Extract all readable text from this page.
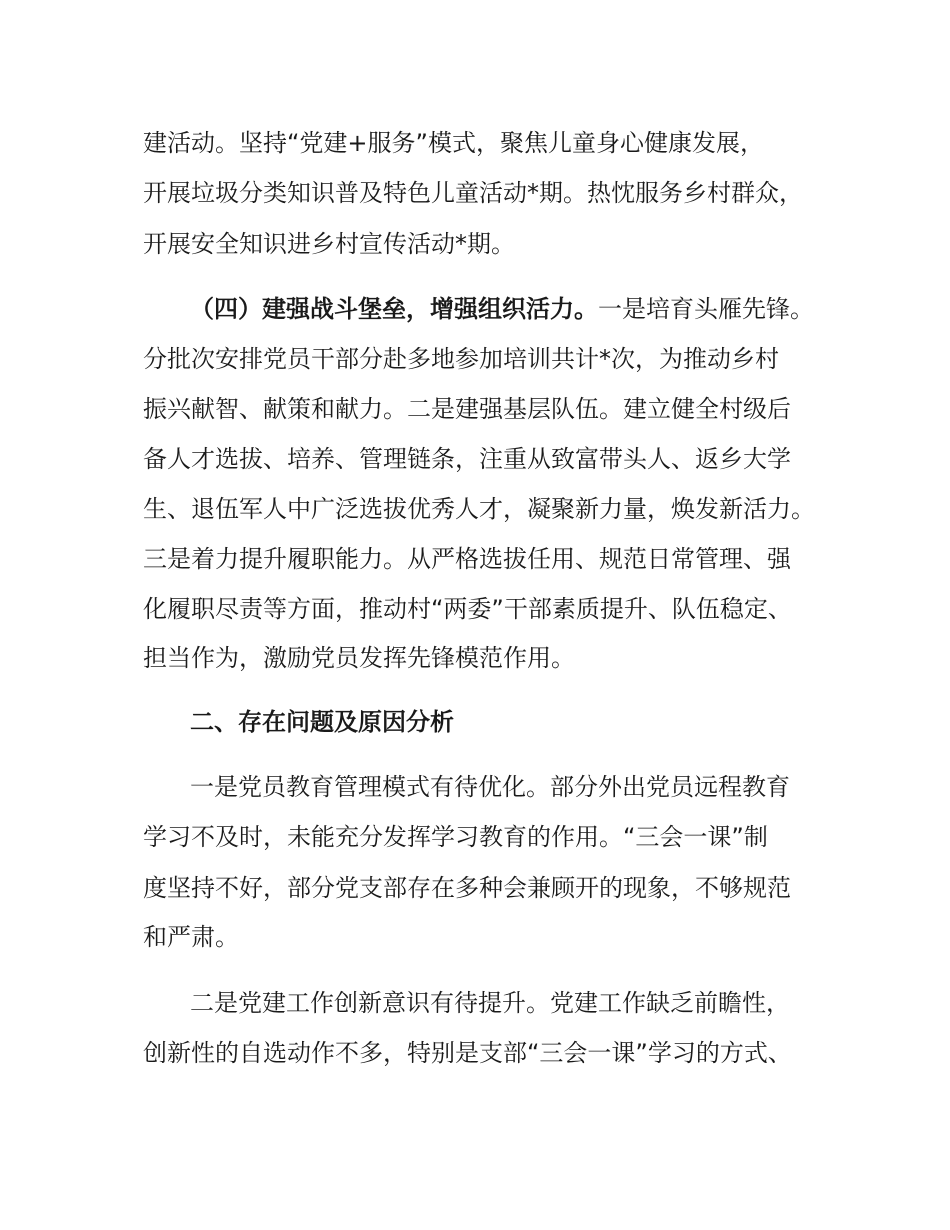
建活动。坚持“党建+服务”模式，聚焦儿童身心健康发展，
开展垃圾分类知识普及特色儿童活动*期。热忱服务乡村群众，
开展安全知识进乡村宣传活动*期。
（四）建强战斗堡垒，增强组织活力。一是培育头雁先锋。
分批次安排党员干部分赴多地参加培训共计*次，为推动乡村
振兴献智、献策和献力。二是建强基层队伍。建立健全村级后
备人才选拔、培养、管理链条，注重从致富带头人、返乡大学
生、退伍军人中广泛选拔优秀人才，凝聚新力量，焕发新活力。
三是着力提升履职能力。从严格选拔任用、规范日常管理、强
化履职尽责等方面，推动村“两委”干部素质提升、队伍稳定、
担当作为，激励党员发挥先锋模范作用。
二、存在问题及原因分析
一是党员教育管理模式有待优化。部分外出党员远程教育
学习不及时，未能充分发挥学习教育的作用。“三会一课”制
度坚持不好，部分党支部存在多种会兼顾开的现象，不够规范
和严肃。
二是党建工作创新意识有待提升。党建工作缺乏前瞻性，
创新性的自选动作不多，特别是支部“三会一课”学习的方式、
